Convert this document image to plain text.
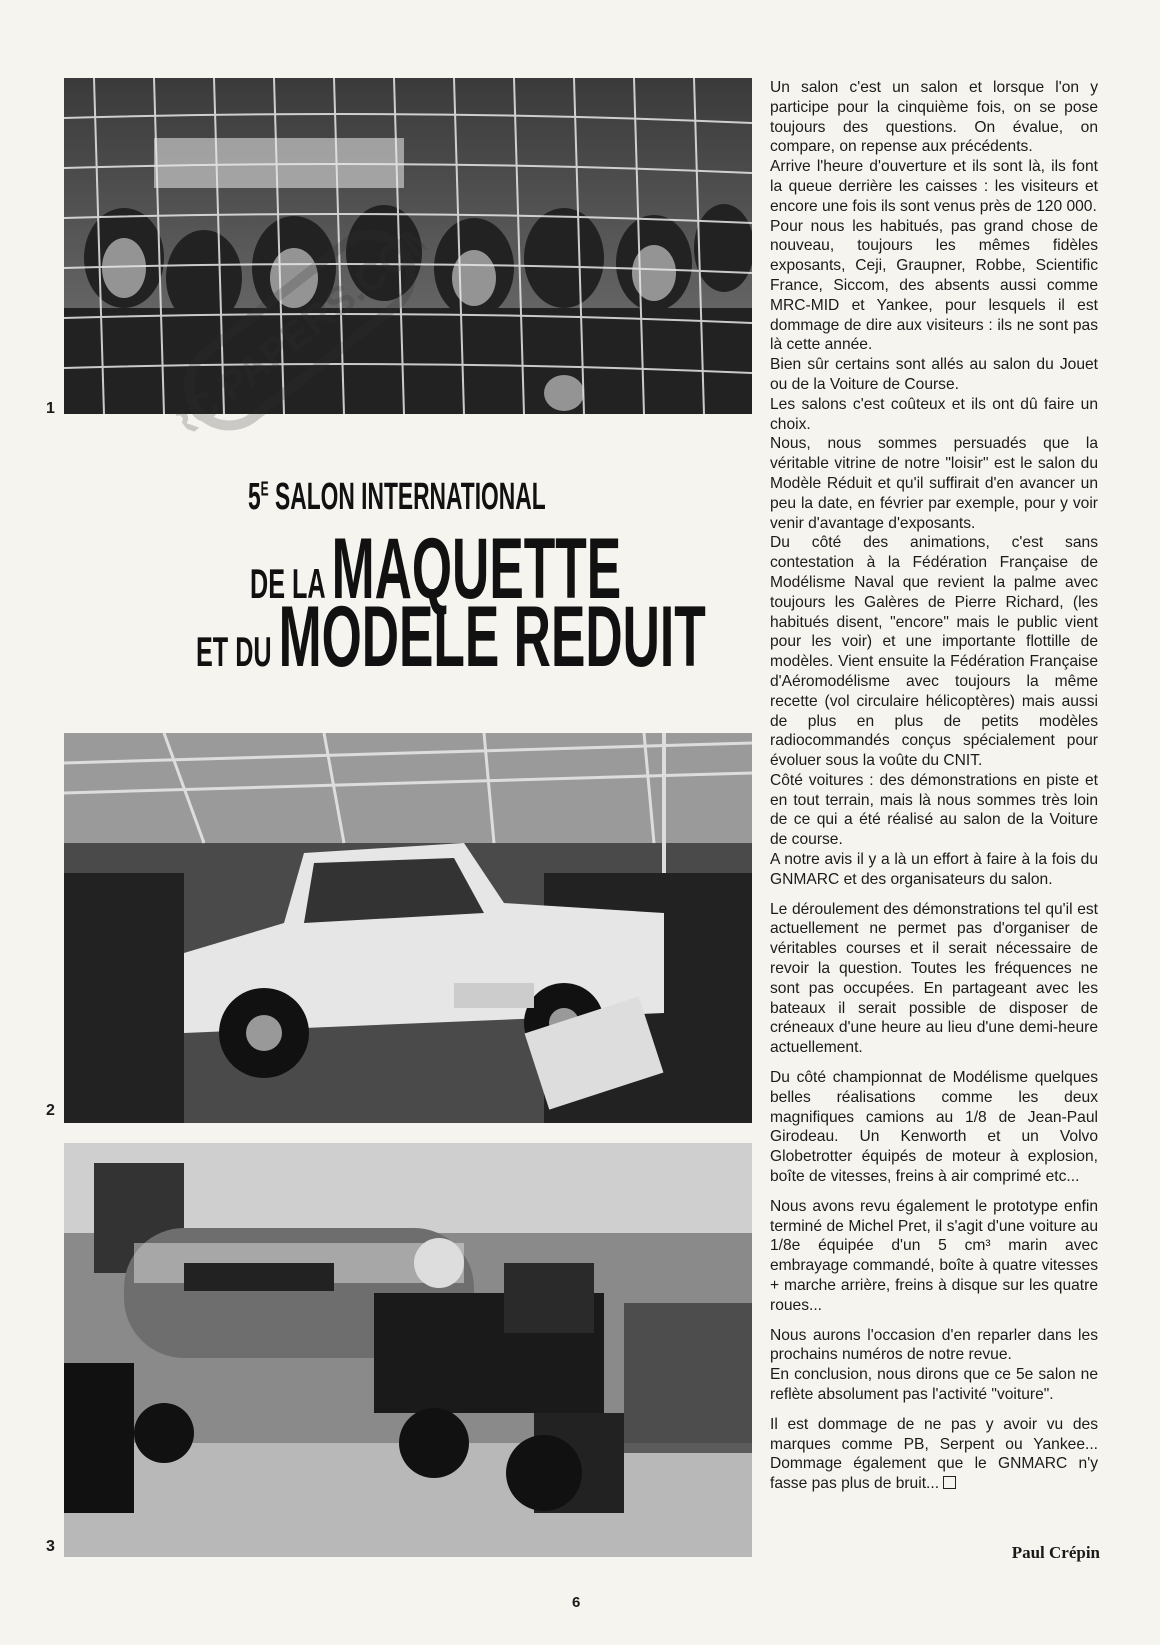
1	RC PAPERS.COM
$5^E$ SALON INTERNATIONAL
DE LA MAQUETTE
ET DU MODELE REDUIT
2
3

Un salon c'est un salon et lorsque l'on y participe pour la cinquième fois, on se pose toujours des questions. On évalue, on compare, on repense aux précédents.

Arrive l'heure d'ouverture et ils sont là, ils font la queue derrière les caisses : les visiteurs et encore une fois ils sont venus près de 120 000.

Pour nous les habitués, pas grand chose de nouveau, toujours les mêmes fidèles exposants, Ceji, Graupner, Robbe, Scientific France, Siccom, des absents aussi comme MRC-MID et Yankee, pour lesquels il est dommage de dire aux visiteurs : ils ne sont pas là cette année.

Bien sûr certains sont allés au salon du Jouet ou de la Voiture de Course.

Les salons c'est coûteux et ils ont dû faire un choix.

Nous, nous sommes persuadés que la véritable vitrine de notre "loisir" est le salon du Modèle Réduit et qu'il suffirait d'en avancer un peu la date, en février par exemple, pour y voir venir d'avantage d'exposants.

Du côté des animations, c'est sans contestation à la Fédération Française de Modélisme Naval que revient la palme avec toujours les Galères de Pierre Richard, (les habitués disent, "encore" mais le public vient pour les voir) et une importante flottille de modèles. Vient ensuite la Fédération Française d'Aéromodélisme avec toujours la même recette (vol circulaire hélicoptères) mais aussi de plus en plus de petits modèles radiocommandés conçus spécialement pour évoluer sous la voûte du CNIT.

Côté voitures : des démonstrations en piste et en tout terrain, mais là nous sommes très loin de ce qui a été réalisé au salon de la Voiture de course.

A notre avis il y a là un effort à faire à la fois du GNMARC et des organisateurs du salon.

Le déroulement des démonstrations tel qu'il est actuellement ne permet pas d'organiser de véritables courses et il serait nécessaire de revoir la question. Toutes les fréquences ne sont pas occupées. En partageant avec les bateaux il serait possible de disposer de créneaux d'une heure au lieu d'une demi-heure actuellement.

Du côté championnat de Modélisme quelques belles réalisations comme les deux magnifiques camions au 1/8 de Jean-Paul Girodeau. Un Kenworth et un Volvo Globetrotter équipés de moteur à explosion, boîte de vitesses, freins à air comprimé etc...

Nous avons revu également le prototype enfin terminé de Michel Pret, il s'agit d'une voiture au 1/8e équipée d'un 5 cm³ marin avec embrayage commandé, boîte à quatre vitesses + marche arrière, freins à disque sur les quatre roues...

Nous aurons l'occasion d'en reparler dans les prochains numéros de notre revue.

En conclusion, nous dirons que ce 5e salon ne reflète absolument pas l'activité "voiture".

Il est dommage de ne pas y avoir vu des marques comme PB, Serpent ou Yankee... Dommage également que le GNMARC n'y fasse pas plus de bruit...

Paul Crépin
6
